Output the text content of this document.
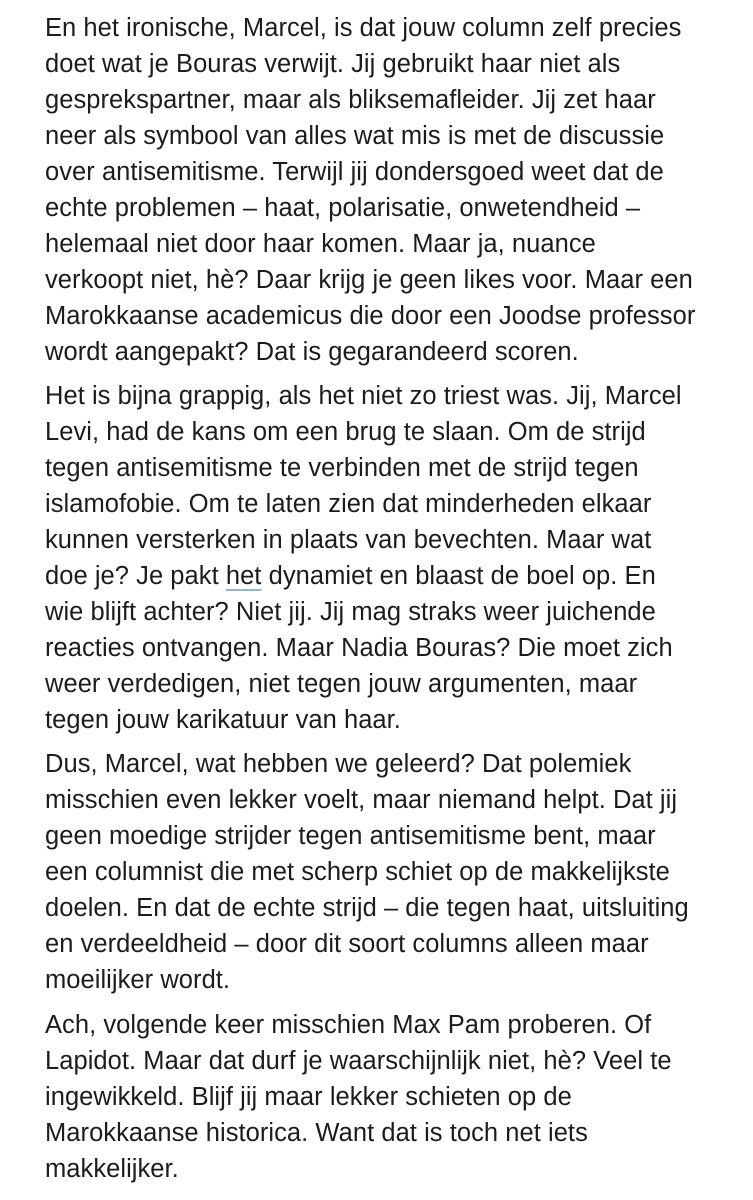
En het ironische, Marcel, is dat jouw column zelf precies
doet wat je Bouras verwijt. Jij gebruikt haar niet als
gesprekspartner, maar als bliksemafleider. Jij zet haar
neer als symbool van alles wat mis is met de discussie
over antisemitisme. Terwijl jij dondersgoed weet dat de
echte problemen – haat, polarisatie, onwetendheid –
helemaal niet door haar komen. Maar ja, nuance
verkoopt niet, hè? Daar krijg je geen likes voor. Maar een
Marokkaanse academicus die door een Joodse professor
wordt aangepakt? Dat is gegarandeerd scoren.
Het is bijna grappig, als het niet zo triest was. Jij, Marcel
Levi, had de kans om een brug te slaan. Om de strijd
tegen antisemitisme te verbinden met de strijd tegen
islamofobie. Om te laten zien dat minderheden elkaar
kunnen versterken in plaats van bevechten. Maar wat
doe je? Je pakt het dynamiet en blaast de boel op. En
wie blijft achter? Niet jij. Jij mag straks weer juichende
reacties ontvangen. Maar Nadia Bouras? Die moet zich
weer verdedigen, niet tegen jouw argumenten, maar
tegen jouw karikatuur van haar.
Dus, Marcel, wat hebben we geleerd? Dat polemiek
misschien even lekker voelt, maar niemand helpt. Dat jij
geen moedige strijder tegen antisemitisme bent, maar
een columnist die met scherp schiet op de makkelijkste
doelen. En dat de echte strijd – die tegen haat, uitsluiting
en verdeeldheid – door dit soort columns alleen maar
moeilijker wordt.
Ach, volgende keer misschien Max Pam proberen. Of
Lapidot. Maar dat durf je waarschijnlijk niet, hè? Veel te
ingewikkeld. Blijf jij maar lekker schieten op de
Marokkaanse historica. Want dat is toch net iets
makkelijker.
